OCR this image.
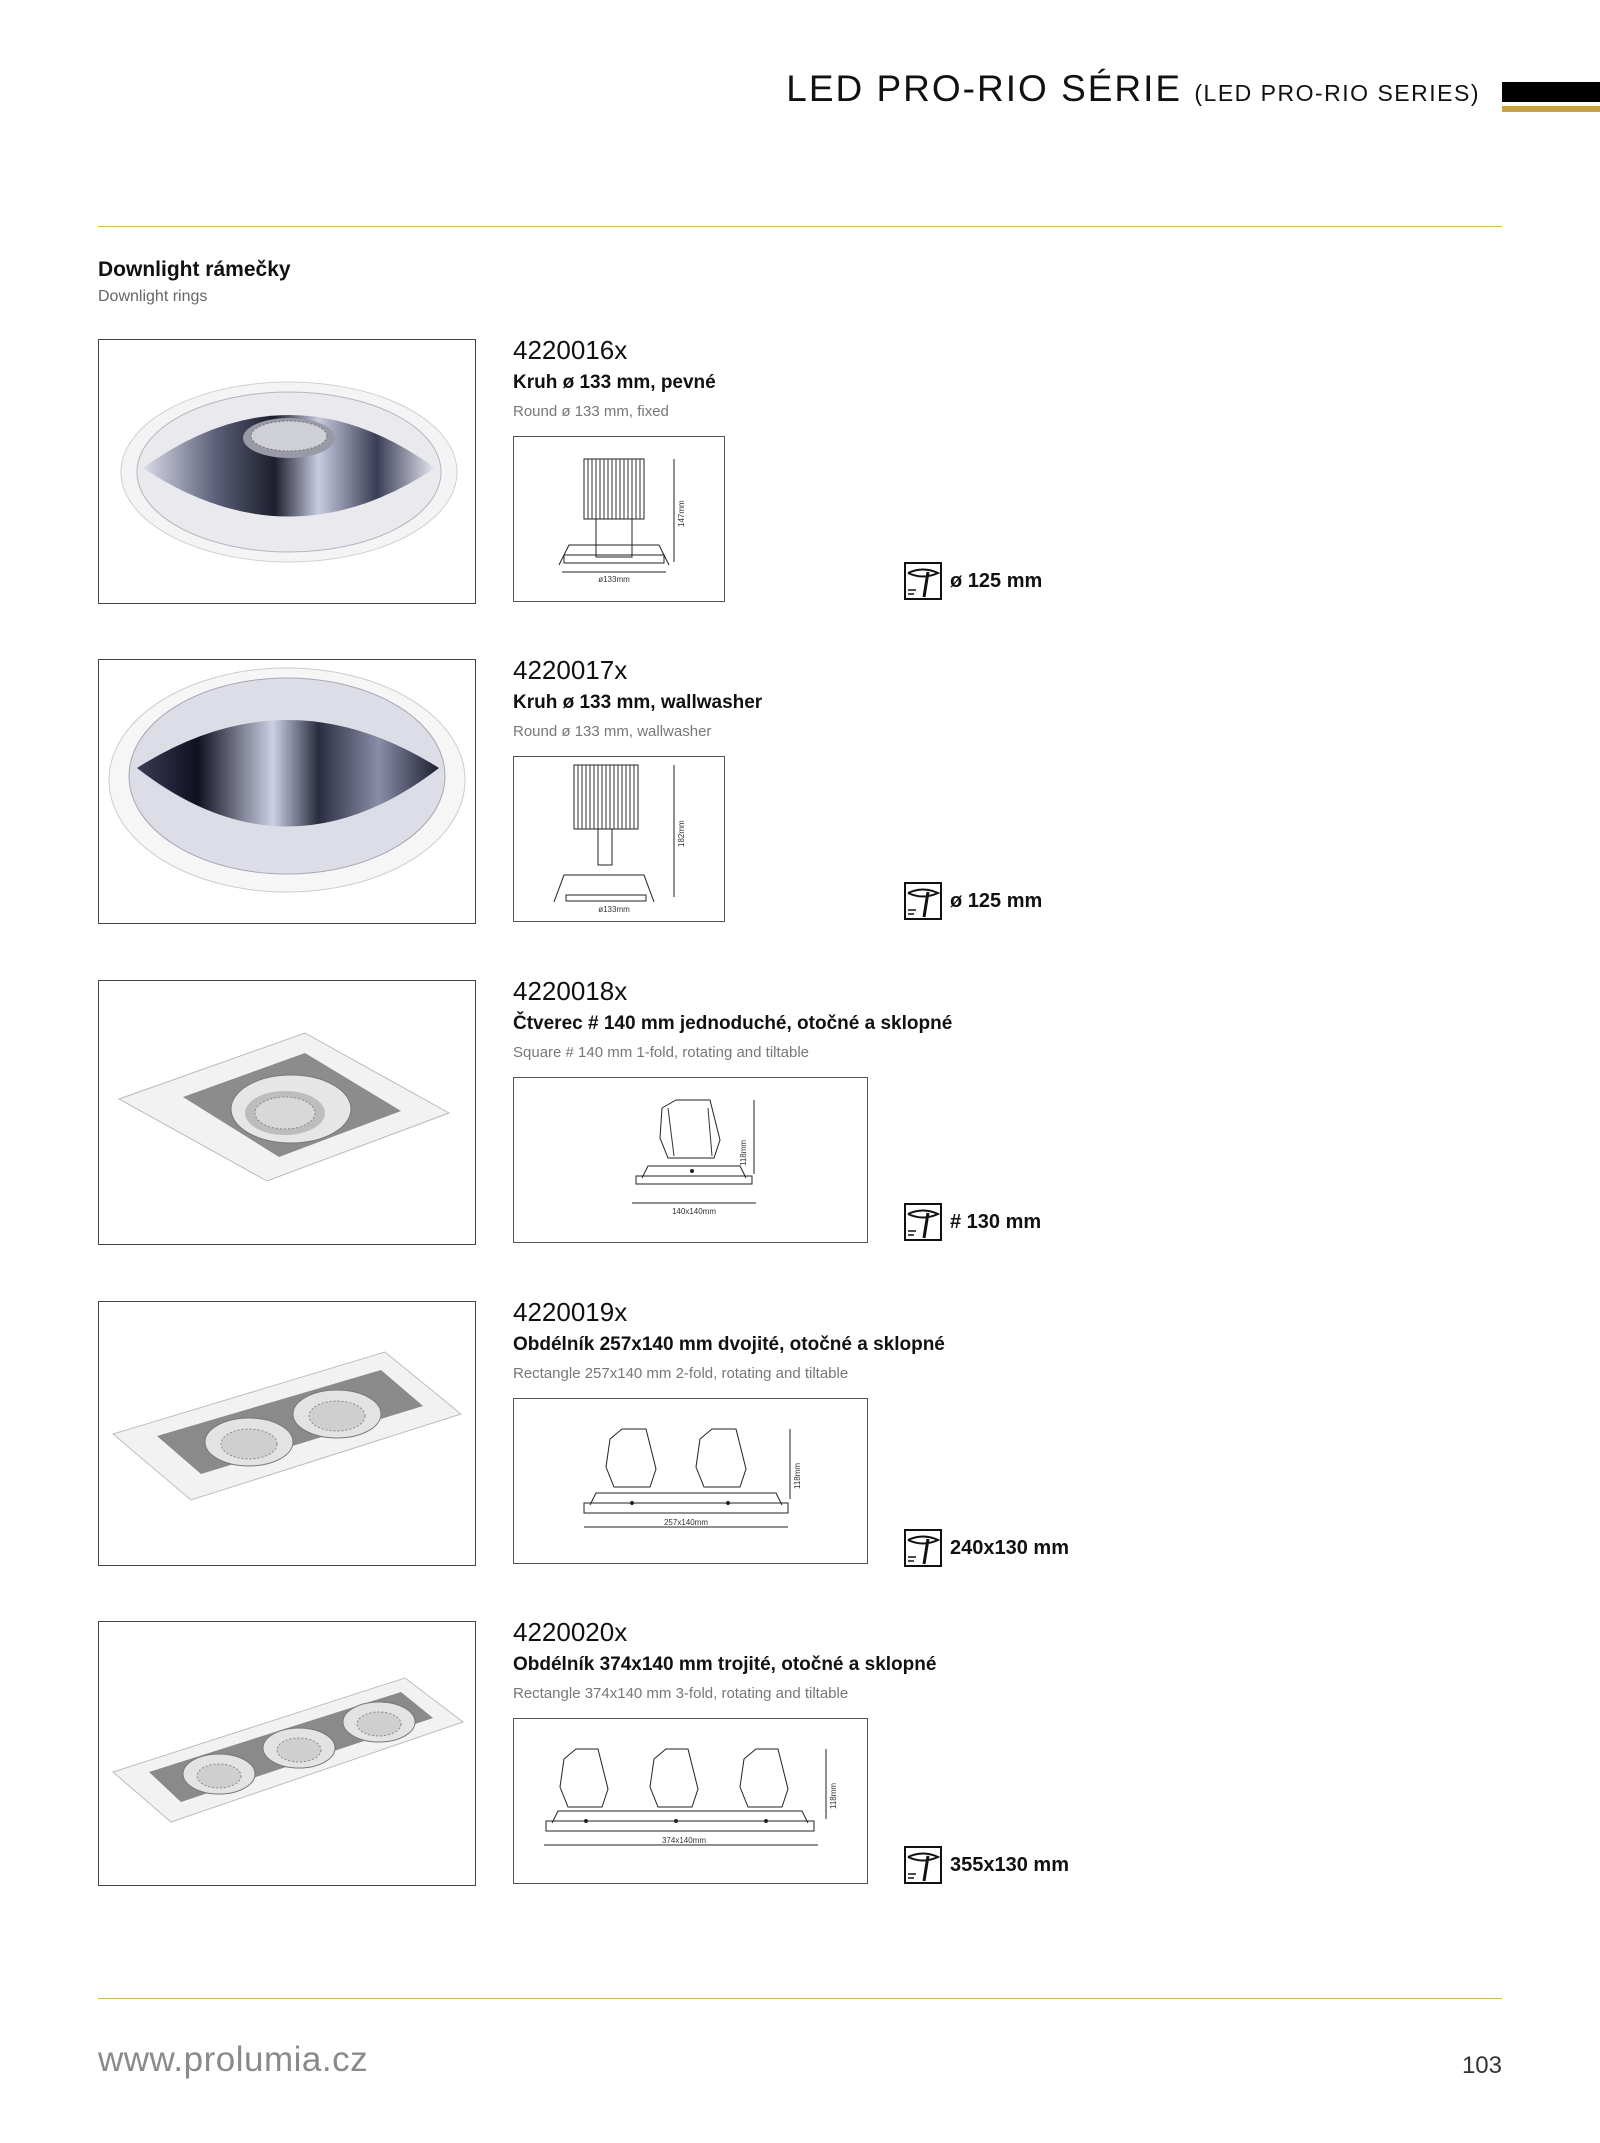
LED PRO-RIO SÉRIE (LED PRO-RIO SERIES)
Downlight rámečky
Downlight rings
4220016x
Kruh ø 133 mm, pevné
Round ø 133 mm, fixed
ø133mm
147mm
ø 125 mm
4220017x
Kruh ø 133 mm, wallwasher
Round ø 133 mm, wallwasher
ø133mm
182mm
ø 125 mm
4220018x
Čtverec # 140 mm jednoduché, otočné a sklopné
Square # 140 mm 1-fold, rotating and tiltable
140x140mm
118mm
# 130 mm
4220019x
Obdélník 257x140 mm dvojité, otočné a sklopné
Rectangle 257x140 mm 2-fold, rotating and tiltable
257x140mm
118mm
240x130 mm
4220020x
Obdélník 374x140 mm trojité, otočné a sklopné
Rectangle 374x140 mm 3-fold, rotating and tiltable
374x140mm
118mm
355x130 mm
www.prolumia.cz	103
